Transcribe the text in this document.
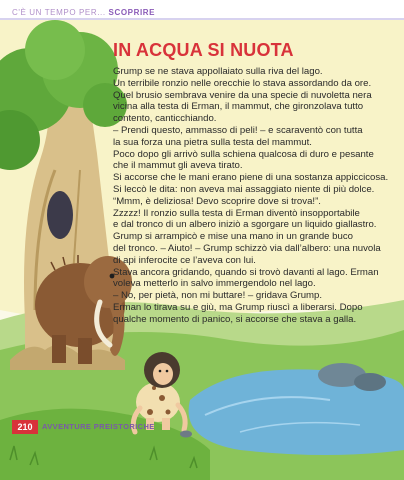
C'È UN TEMPO PER... SCOPRIRE
IN ACQUA SI NUOTA

Grump se ne stava appollaiato sulla riva del lago.

Un terribile ronzio nelle orecchie lo stava assordando da ore.

Quel brusio sembrava venire da una specie di nuvoletta nera

vicina alla testa di Erman, il mammut, che gironzolava tutto

contento, canticchiando.

– Prendi questo, ammasso di peli! – e scaraventò con tutta

la sua forza una pietra sulla testa del mammut.

Poco dopo gli arrivò sulla schiena qualcosa di duro e pesante

che il mammut gli aveva tirato.

Si accorse che le mani erano piene di una sostanza appiccicosa.

Si leccò le dita: non aveva mai assaggiato niente di più dolce.

“Mmm, è deliziosa! Devo scoprire dove si trova!”.

Zzzzz! Il ronzio sulla testa di Erman diventò insopportabile

e dal tronco di un albero iniziò a sgorgare un liquido giallastro.

Grump si arrampicò e mise una mano in un grande buco

del tronco. – Aiuto! – Grump schizzò via dall’albero: una nuvola

di api inferocite ce l’aveva con lui.

Stava ancora gridando, quando si trovò davanti al lago. Erman

voleva metterlo in salvo immergendolo nel lago.

– No, per pietà, non mi buttare! – gridava Grump.

Erman lo tirava su e giù, ma Grump riuscì a liberarsi. Dopo

qualche momento di panico, si accorse che stava a galla.

210	AVVENTURE PREISTORICHE
